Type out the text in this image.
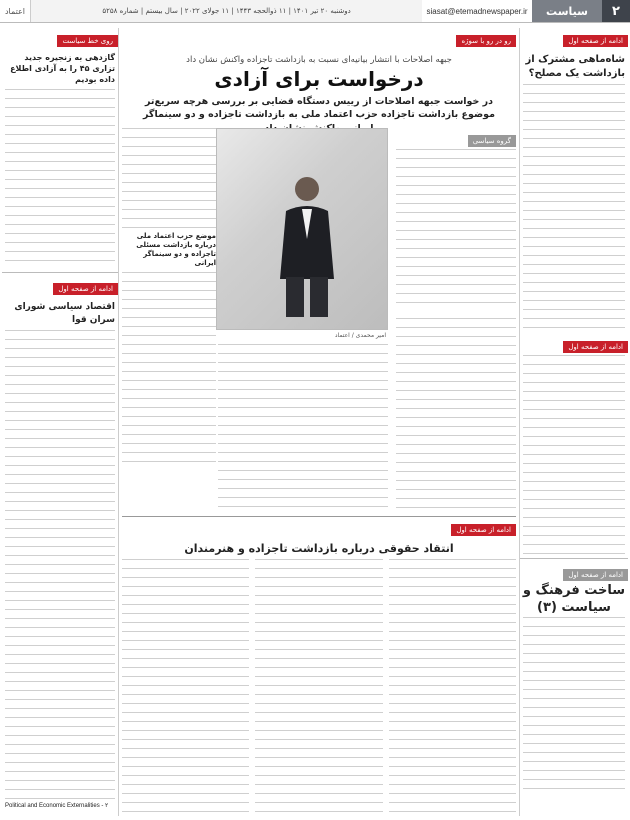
اعتماد	دوشنبه ۲۰ تیر ۱۴۰۱ | ۱۱ ذوالحجه ۱۴۴۳ | ۱۱ جولای ۲۰۲۲ | سال بیستم | شماره ۵۲۵۸	siasat@etemadnewspaper.ir	سیاست	۲
ادامه از صفحه اول
شاه‌ماهی مشترک از بازداشت یک مصلح؟
ادامه از صفحه اول
ادامه از صفحه اول
ساخت فرهنگ و سیاست (۳)
رو در رو با سوژه
جبهه اصلاحات با انتشار بیانیه‌ای نسبت به بازداشت تاجزاده واکنش نشان داد
درخواست برای آزادی
در خواست جبهه اصلاحات از رییس دستگاه قضایی بر بررسی هرچه سریع‌تر موضوع بازداشت تاجزاده حزب اعتماد ملی به بازداشت تاجزاده و دو سینماگر
گروه سیاسی
امیر محمدی / اعتماد
موضع حزب اعتماد ملی درباره بازداشت مسئلی تاجزاده و دو سینماگر ایرانی
ادامه از صفحه اول
انتقاد حقوقی درباره بازداشت تاجزاده و هنرمندان
روی خط سیاست
گازدهی به زنجیره جدید تزاری ۴۵ را به آزادی اطلاع داده بودیم
ادامه از صفحه اول
اقتصاد سیاسی شورای سران قوا
Political and Economic Externalities - ۲
